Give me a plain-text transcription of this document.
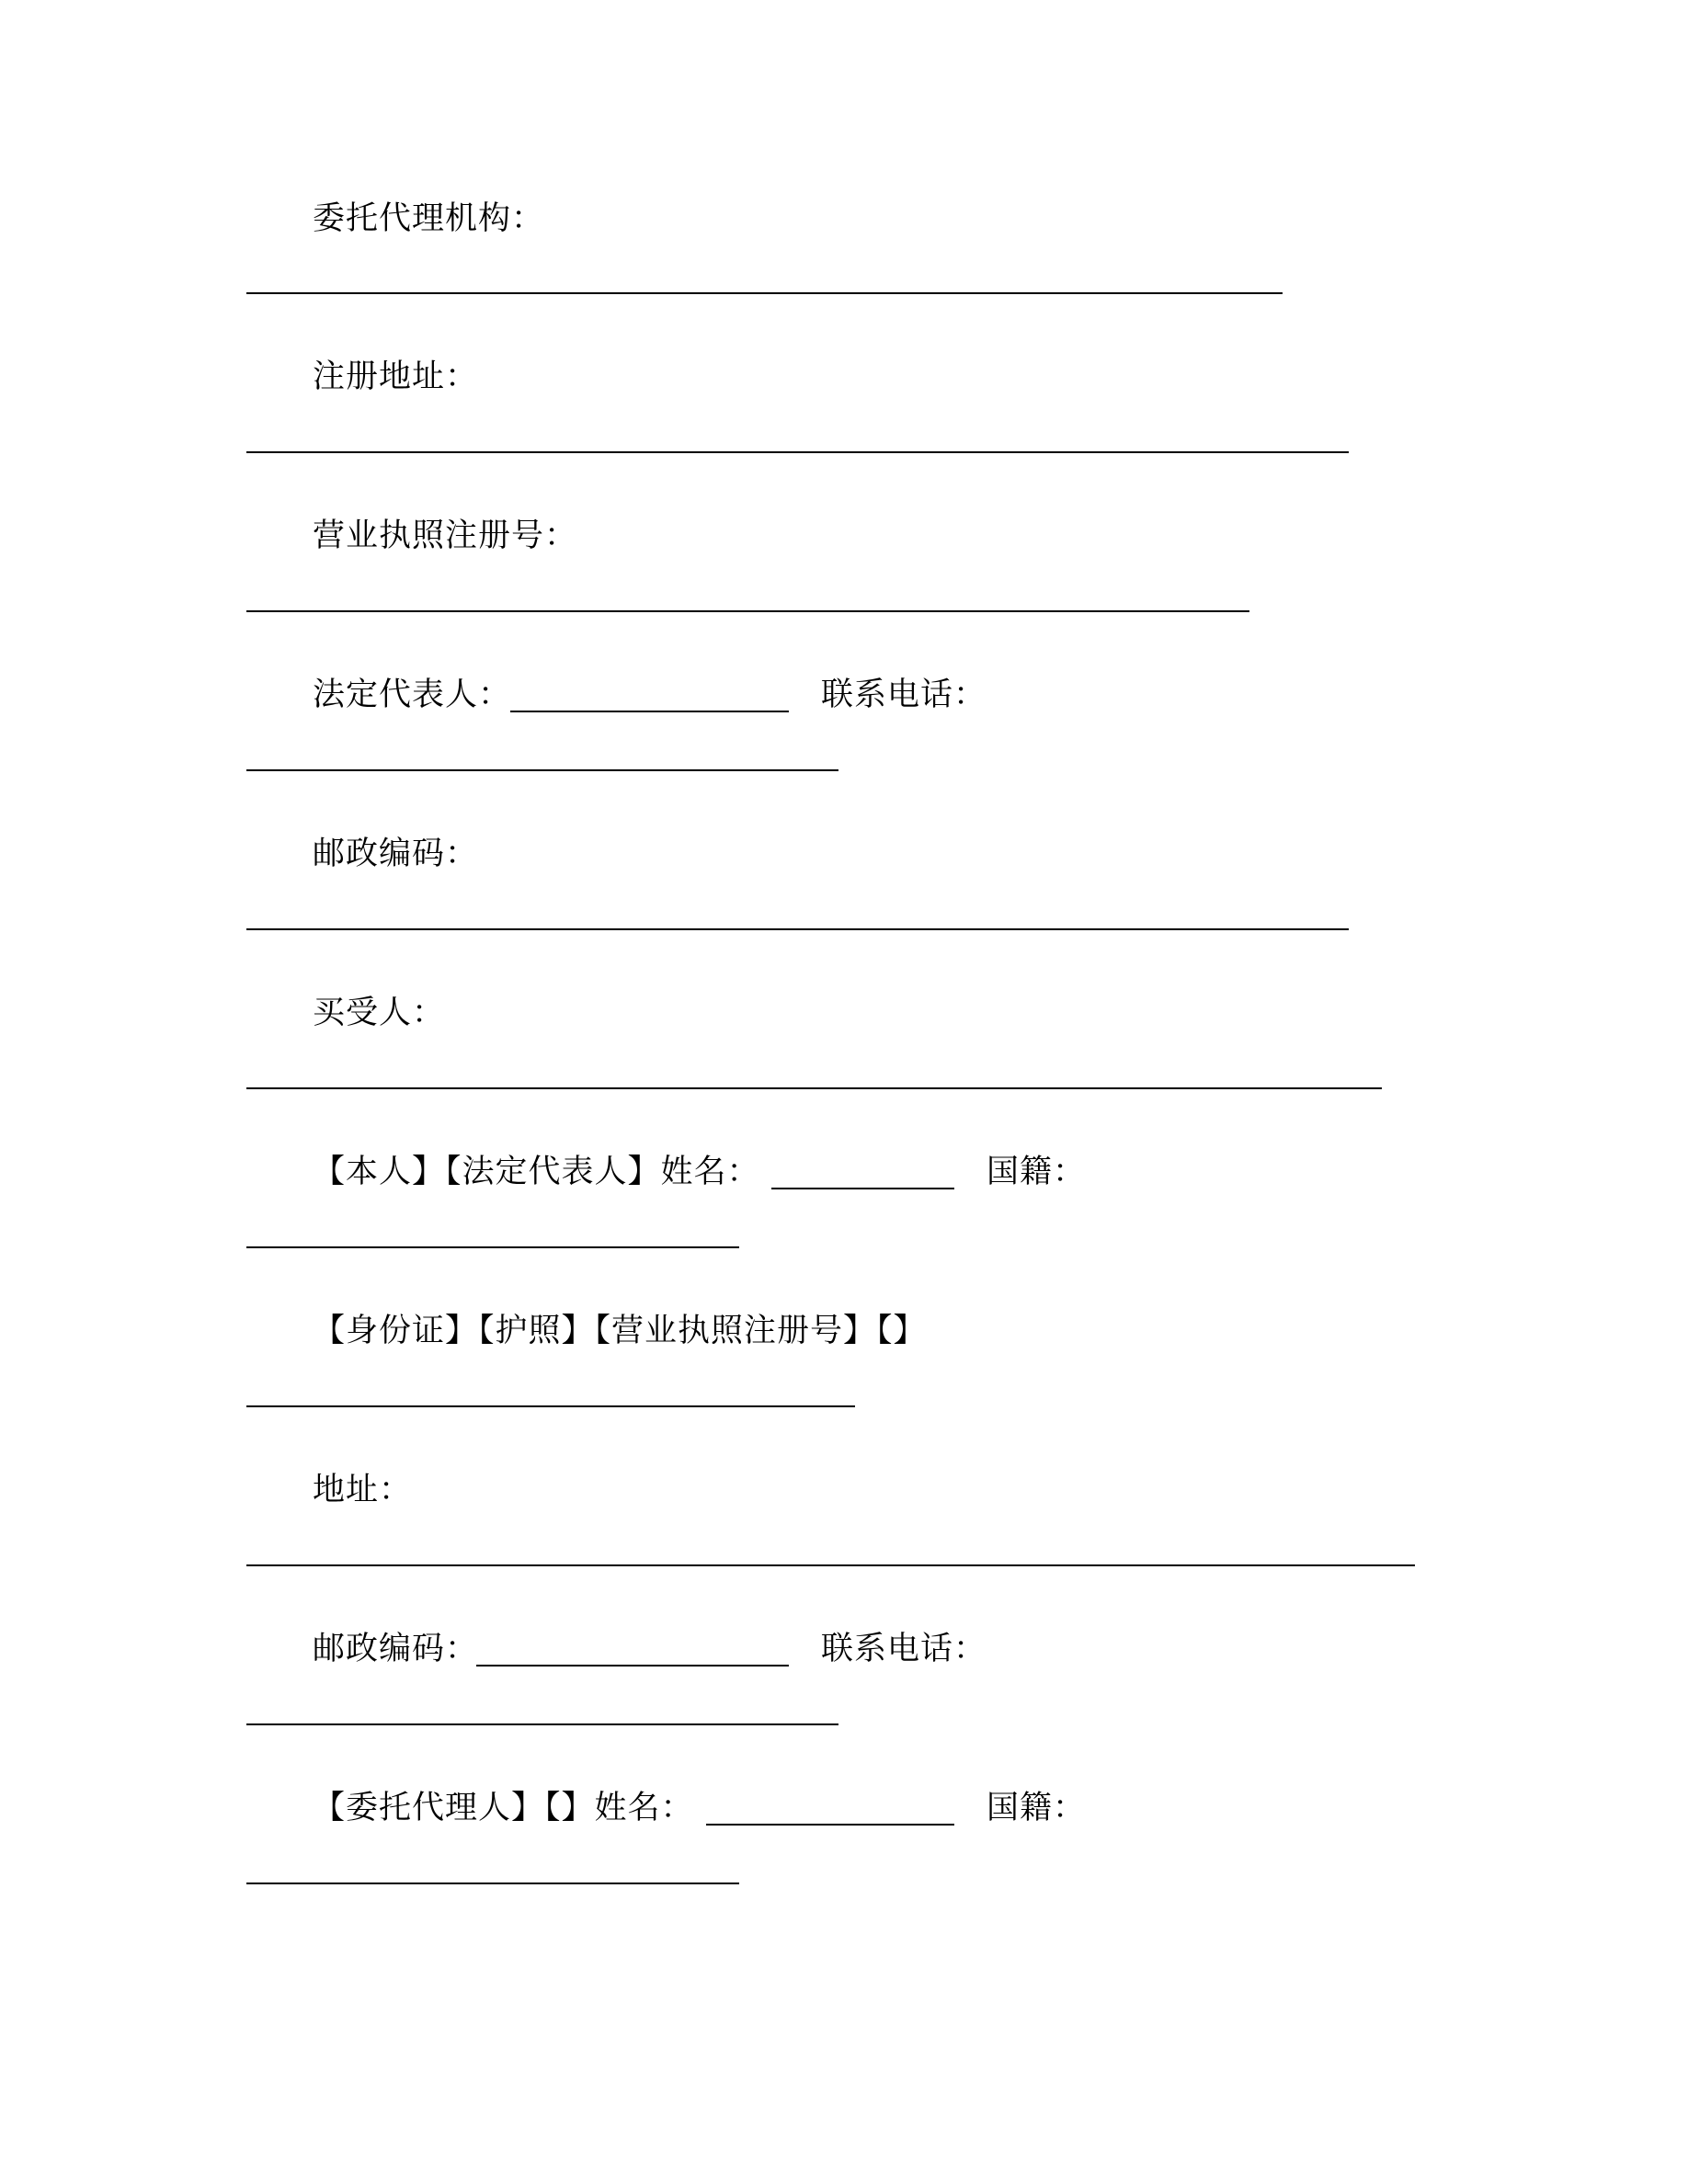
委托代理机构：
注册地址：
营业执照注册号：
法定代表人：	联系电话：
邮政编码：
买受人：
【本人】【法定代表人】姓名：	国籍：
【身份证】【护照】【营业执照注册号】【】
地址：
邮政编码：	联系电话：
【委托代理人】【】姓名：	国籍：
